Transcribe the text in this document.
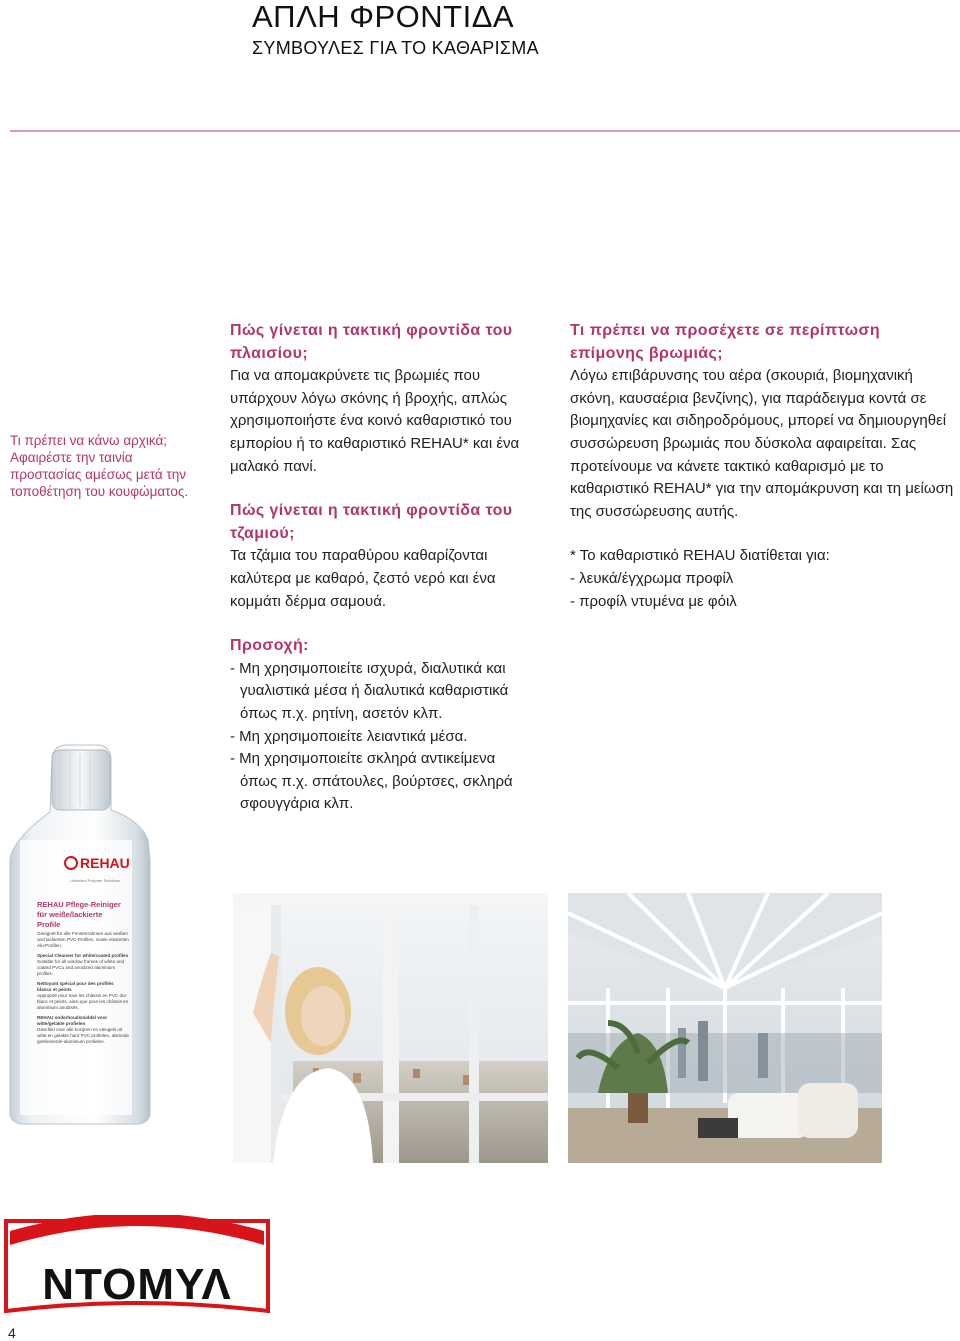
ΑΠΛΗ ΦΡΟΝΤΙΔΑ
ΣΥΜΒΟΥΛΕΣ ΓΙΑ ΤΟ ΚΑΘΑΡΙΣΜΑ
Τι πρέπει να κάνω αρχικά;
Αφαιρέστε την ταινία προστασίας αμέσως μετά την τοποθέτηση του κουφώματος.
Πώς γίνεται η τακτική φροντίδα του πλαισίου;
Για να απομακρύνετε τις βρωμιές που υπάρχουν λόγω σκόνης ή βροχής, απλώς χρησιμοποιήστε ένα κοινό καθαριστικό του εμπορίου ή το καθαριστικό REHAU* και ένα μαλακό πανί.
Πώς γίνεται η τακτική φροντίδα του τζαμιού;
Τα τζάμια του παραθύρου καθαρίζονται καλύτερα με καθαρό, ζεστό νερό και ένα κομμάτι δέρμα σαμουά.
Προσοχή:
- Μη χρησιμοποιείτε ισχυρά, διαλυτικά και
γυαλιστικά μέσα ή διαλυτικά καθαριστικά
όπως π.χ. ρητίνη, ασετόν κλπ.
- Μη χρησιμοποιείτε λειαντικά μέσα.
- Μη χρησιμοποιείτε σκληρά αντικείμενα
όπως π.χ. σπάτουλες, βούρτσες, σκληρά
σφουγγάρια κλπ.
Τι πρέπει να προσέχετε σε περίπτωση επίμονης βρωμιάς;
Λόγω επιβάρυνσης του αέρα (σκουριά, βιομηχανική σκόνη, καυσαέρια βενζίνης), για παράδειγμα κοντά σε βιομηχανίες και σιδηροδρόμους, μπορεί να δημιουργηθεί συσσώρευση βρωμιάς που δύσκολα αφαιρείται. Σας προτείνουμε να κάνετε τακτικό καθαρισμό με το καθαριστικό REHAU* για την απομάκρυνση και τη μείωση της συσσώρευσης αυτής.
* Το καθαριστικό REHAU διατίθεται για:
- λευκά/έγχρωμα προφίλ
- προφίλ ντυμένα με φόιλ
REHAU
Unlimited Polymer Solutions
REHAU Pflege-Reiniger
für weiße/lackierte
Profile
Geeignet für alle Fensterrahmen aus weißen und lackierten PVC-Profilen, sowie eloxierten Alu-Profilen.
Special Cleanser for white/coated profiles
Suitable for all window frames of white and coated PVCu and anodized aluminium profiles.
Nettoyant spécial pour des profilés blancs et peints
Approprié pour tous les châssis en PVC dur blanc et peints, ainsi que pour les châssis en aluminium anodisés.
REHAU onderhoudsmiddel voor witte/gelakte profielen
Geschikt voor alle kozijnen en vleugels uit witte en gelakte hard PVC profielen, alsmede geëloxeerde-aluminium profielen.
ΝΤΟΜΥΛ
4
